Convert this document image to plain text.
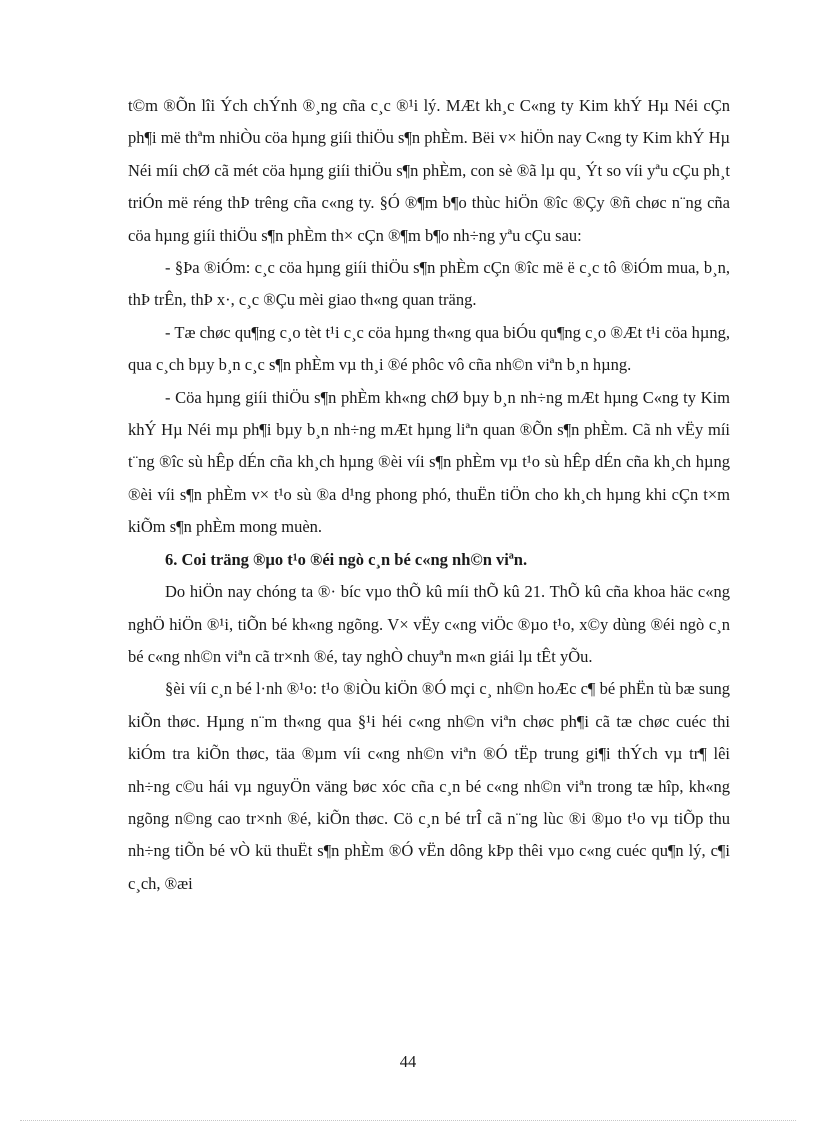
t©m ®Õn lîi Ých chÝnh ®¸ng cña c¸c ®¹i lý. MÆt kh¸c C«ng ty Kim khÝ Hµ Néi cÇn ph¶i më thªm nhiÒu cöa hµng giíi thiÖu s¶n phÈm. Bëi v× hiÖn nay C«ng ty Kim khÝ Hµ Néi míi chØ cã mét cöa hµng giíi thiÖu s¶n phÈm, con sè ®ã lµ qu¸ Ýt so víi yªu cÇu ph¸t triÓn më réng thÞ trêng cña c«ng ty. §Ó ®¶m b¶o thùc hiÖn ®îc ®Çy ®ñ chøc n¨ng cña cöa hµng giíi thiÖu s¶n phÈm th× cÇn ®¶m b¶o nh÷ng yªu cÇu sau:

- §Þa ®iÓm: c¸c cöa hµng giíi thiÖu s¶n phÈm cÇn ®îc më ë c¸c tô ®iÓm mua, b¸n, thÞ trÊn, thÞ x·, c¸c ®Çu mèi giao th«ng quan träng.

- Tæ chøc qu¶ng c¸o tèt t¹i c¸c cöa hµng th«ng qua biÓu qu¶ng c¸o ®Æt t¹i cöa hµng, qua c¸ch bµy b¸n c¸c s¶n phÈm vµ th¸i ®é phôc vô cña nh©n viªn b¸n hµng.

- Cöa hµng giíi thiÖu s¶n phÈm kh«ng chØ bµy b¸n nh÷ng mÆt hµng C«ng ty Kim khÝ Hµ Néi mµ ph¶i bµy b¸n nh÷ng mÆt hµng liªn quan ®Õn s¶n phÈm. Cã nh vËy míi t¨ng ®îc sù hÊp dÉn cña kh¸ch hµng ®èi víi s¶n phÈm vµ t¹o sù hÊp dÉn cña kh¸ch hµng ®èi víi s¶n phÈm v× t¹o sù ®a d¹ng phong phó, thuËn tiÖn cho kh¸ch hµng khi cÇn t×m kiÕm s¶n phÈm mong muèn.

6. Coi träng ®µo t¹o ®éi ngò c¸n bé c«ng nh©n viªn.

Do hiÖn nay chóng ta ®· bíc vµo thÕ kû míi thÕ kû 21. ThÕ kû cña khoa häc c«ng nghÖ hiÖn ®¹i, tiÕn bé kh«ng ngõng. V× vËy c«ng viÖc ®µo t¹o, x©y dùng ®éi ngò c¸n bé c«ng nh©n viªn cã tr×nh ®é, tay nghÒ chuyªn m«n giái lµ tÊt yÕu.

§èi víi c¸n bé l·nh ®¹o: t¹o ®iÒu kiÖn ®Ó mçi c¸ nh©n hoÆc c¶ bé phËn tù bæ sung kiÕn thøc. Hµng n¨m th«ng qua §¹i héi c«ng nh©n viªn chøc ph¶i cã tæ chøc cuéc thi kiÓm tra kiÕn thøc, täa ®µm víi c«ng nh©n viªn ®Ó tËp trung gi¶i thÝch vµ tr¶ lêi nh÷ng c©u hái vµ nguyÖn väng bøc xóc cña c¸n bé c«ng nh©n viªn trong tæ hîp, kh«ng ngõng n©ng cao tr×nh ®é, kiÕn thøc. Cö c¸n bé trÎ cã n¨ng lùc ®i ®µo t¹o vµ tiÕp thu nh÷ng tiÕn bé vÒ kü thuËt s¶n phÈm ®Ó vËn dông kÞp thêi vµo c«ng cuéc qu¶n lý, c¶i c¸ch, ®æi

44
